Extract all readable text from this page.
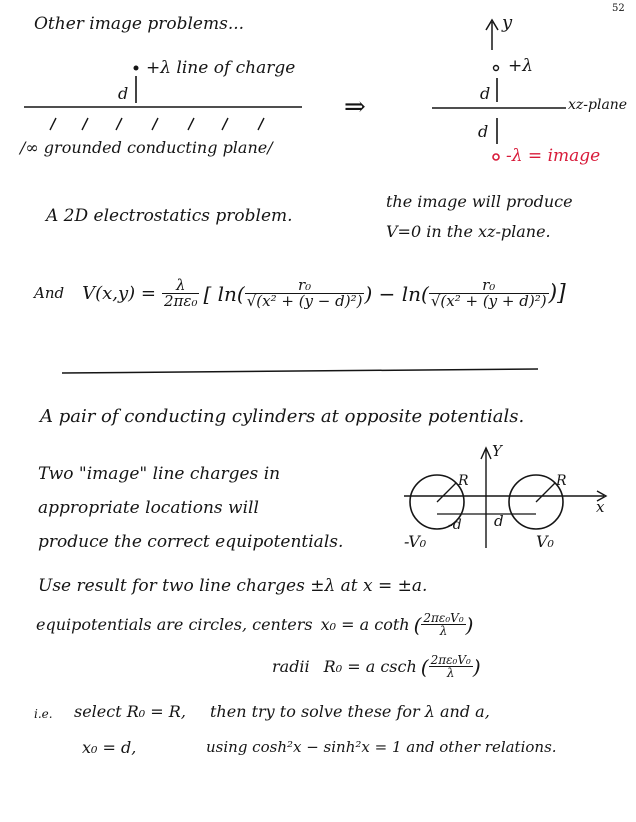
52
Other image problems...
d
+λ line of charge
/∞ grounded conducting plane/
⇒
y
+λ
d
xz-plane
d
-λ = image
A 2D electrostatics problem.
the image will produce
V=0 in the xz-plane.
And $V(x,y) = \frac{\lambda}{\text{2πε₀}}$ [ $\ln( \frac{\text{r₀}}{\text{√(x² + (y − d)²)}}$ ) − $\ln( \frac{\text{r₀}}{\text{√(x² + (y + d)²)}}$ )]
A pair of conducting cylinders at opposite potentials.
Two "image" line charges in
appropriate locations will
produce the correct equipotentials.
Y
x
R	R
-d d
-V₀	V₀
Use result for two line charges ±λ at x = ±a.
equipotentials are circles, centers x₀ = a coth ( $\frac{\text{2πε₀V₀}}{\lambda}$ )
radii R₀ = a csch ( $\frac{\text{2πε₀V₀}}{\lambda}$ )
i.e. select R₀ = R, then try to solve these for λ and a,
x₀ = d,	using cosh²x − sinh²x = 1 and other relations.
